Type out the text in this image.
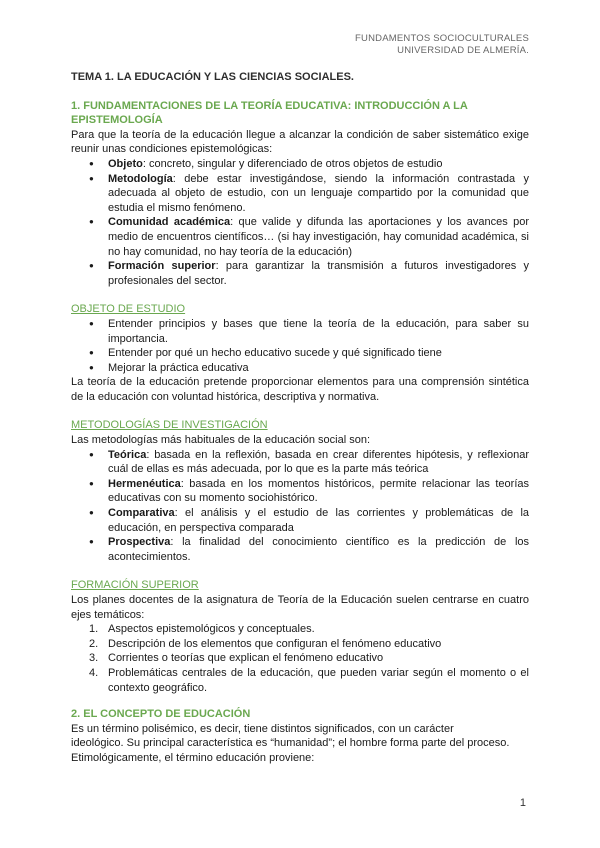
FUNDAMENTOS SOCIOCULTURALES
UNIVERSIDAD DE ALMERÍA.
TEMA 1. LA EDUCACIÓN Y LAS CIENCIAS SOCIALES.
1. FUNDAMENTACIONES DE LA TEORÍA EDUCATIVA: INTRODUCCIÓN A LA EPISTEMOLOGÍA

Para que la teoría de la educación llegue a alcanzar la condición de saber sistemático exige reunir unas condiciones epistemológicas:

● Objeto: concreto, singular y diferenciado de otros objetos de estudio
● Metodología: debe estar investigándose, siendo la información contrastada y adecuada al objeto de estudio, con un lenguaje compartido por la comunidad que estudia el mismo fenómeno.
● Comunidad académica: que valide y difunda las aportaciones y los avances por medio de encuentros científicos… (si hay investigación, hay comunidad académica, si no hay comunidad, no hay teoría de la educación)
● Formación superior: para garantizar la transmisión a futuros investigadores y profesionales del sector.
OBJETO DE ESTUDIO
● Entender principios y bases que tiene la teoría de la educación, para saber su importancia.
● Entender por qué un hecho educativo sucede y qué significado tiene
● Mejorar la práctica educativa

La teoría de la educación pretende proporcionar elementos para una comprensión sintética de la educación con voluntad histórica, descriptiva y normativa.

METODOLOGÍAS DE INVESTIGACIÓN

Las metodologías más habituales de la educación social son:

● Teórica: basada en la reflexión, basada en crear diferentes hipótesis, y reflexionar cuál de ellas es más adecuada, por lo que es la parte más teórica
● Hermenéutica: basada en los momentos históricos, permite relacionar las teorías educativas con su momento sociohistórico.
● Comparativa: el análisis y el estudio de las corrientes y problemáticas de la educación, en perspectiva comparada
● Prospectiva: la finalidad del conocimiento científico es la predicción de los acontecimientos.
FORMACIÓN SUPERIOR

Los planes docentes de la asignatura de Teoría de la Educación suelen centrarse en cuatro ejes temáticos:

1. Aspectos epistemológicos y conceptuales.
2. Descripción de los elementos que configuran el fenómeno educativo
3. Corrientes o teorías que explican el fenómeno educativo
4. Problemáticas centrales de la educación, que pueden variar según el momento o el contexto geográfico.
2. EL CONCEPTO DE EDUCACIÓN

Es un término polisémico, es decir, tiene distintos significados, con un carácter

ideológico. Su principal característica es “humanidad”; el hombre forma parte del proceso.

Etimológicamente, el término educación proviene:

1
